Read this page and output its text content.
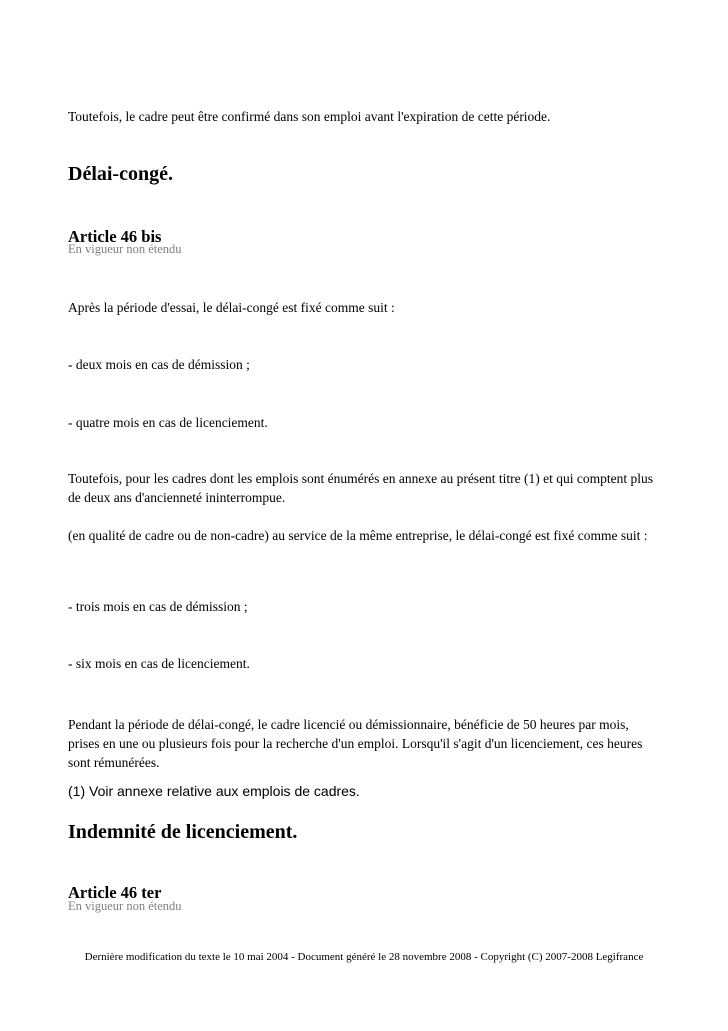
Toutefois, le cadre peut être confirmé dans son emploi avant l'expiration de cette période.

Délai-congé.
Article 46 bis
En vigueur non étendu

Après la période d'essai, le délai-congé est fixé comme suit :

- deux mois en cas de démission ;

- quatre mois en cas de licenciement.

Toutefois, pour les cadres dont les emplois sont énumérés en annexe au présent titre (1) et qui comptent plus de deux ans d'ancienneté ininterrompue.

(en qualité de cadre ou de non-cadre) au service de la même entreprise, le délai-congé est fixé comme suit :

- trois mois en cas de démission ;

- six mois en cas de licenciement.

Pendant la période de délai-congé, le cadre licencié ou démissionnaire, bénéficie de 50 heures par mois, prises en une ou plusieurs fois pour la recherche d'un emploi. Lorsqu'il s'agit d'un licenciement, ces heures sont rémunérées.

(1) Voir annexe relative aux emplois de cadres.

Indemnité de licenciement.
Article 46 ter
En vigueur non étendu
Dernière modification du texte le 10 mai 2004 - Document généré le 28 novembre 2008 - Copyright (C) 2007-2008 Legifrance
